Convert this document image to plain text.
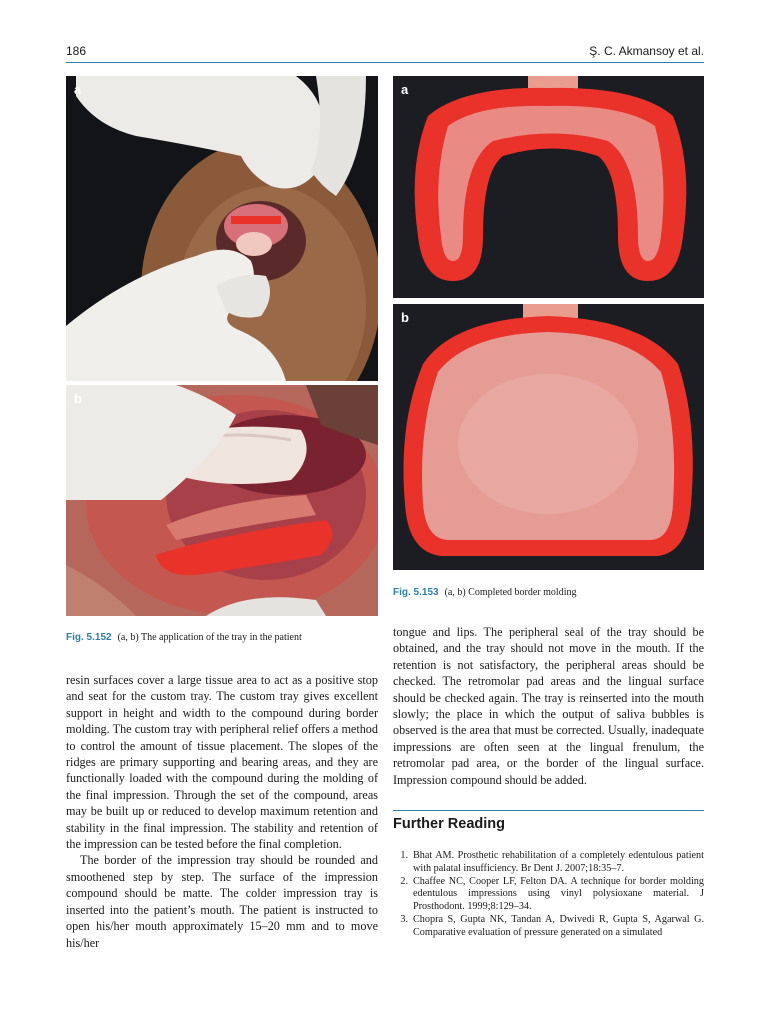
186	Ş. C. Akmansoy et al.
a
b
a
b
Fig. 5.152 (a, b) The application of the tray in the patient
Fig. 5.153 (a, b) Completed border molding

resin surfaces cover a large tissue area to act as a positive stop and seat for the custom tray. The custom tray gives excellent support in height and width to the compound during border molding. The custom tray with peripheral relief offers a method to control the amount of tissue placement. The slopes of the ridges are primary supporting and bearing areas, and they are functionally loaded with the compound during the molding of the final impression. Through the set of the compound, areas may be built up or reduced to develop maximum retention and stability in the final impression. The stability and retention of the impression can be tested before the final completion.

The border of the impression tray should be rounded and smoothened step by step. The surface of the impression compound should be matte. The colder impression tray is inserted into the patient’s mouth. The patient is instructed to open his/her mouth approximately 15–20 mm and to move his/her

tongue and lips. The peripheral seal of the tray should be obtained, and the tray should not move in the mouth. If the retention is not satisfactory, the peripheral areas should be checked. The retromolar pad areas and the lingual surface should be checked again. The tray is reinserted into the mouth slowly; the place in which the output of saliva bubbles is observed is the area that must be corrected. Usually, inadequate impressions are often seen at the lingual frenulum, the retromolar pad area, or the border of the lingual surface. Impression compound should be added.

Further Reading
1. Bhat AM. Prosthetic rehabilitation of a completely edentulous patient with palatal insufficiency. Br Dent J. 2007;18:35–7.
2. Chaffee NC, Cooper LF, Felton DA. A technique for border molding edentulous impressions using vinyl polysioxane material. J Prosthodont. 1999;8:129–34.
3. Chopra S, Gupta NK, Tandan A, Dwivedi R, Gupta S, Agarwal G. Comparative evaluation of pressure generated on a simulated
